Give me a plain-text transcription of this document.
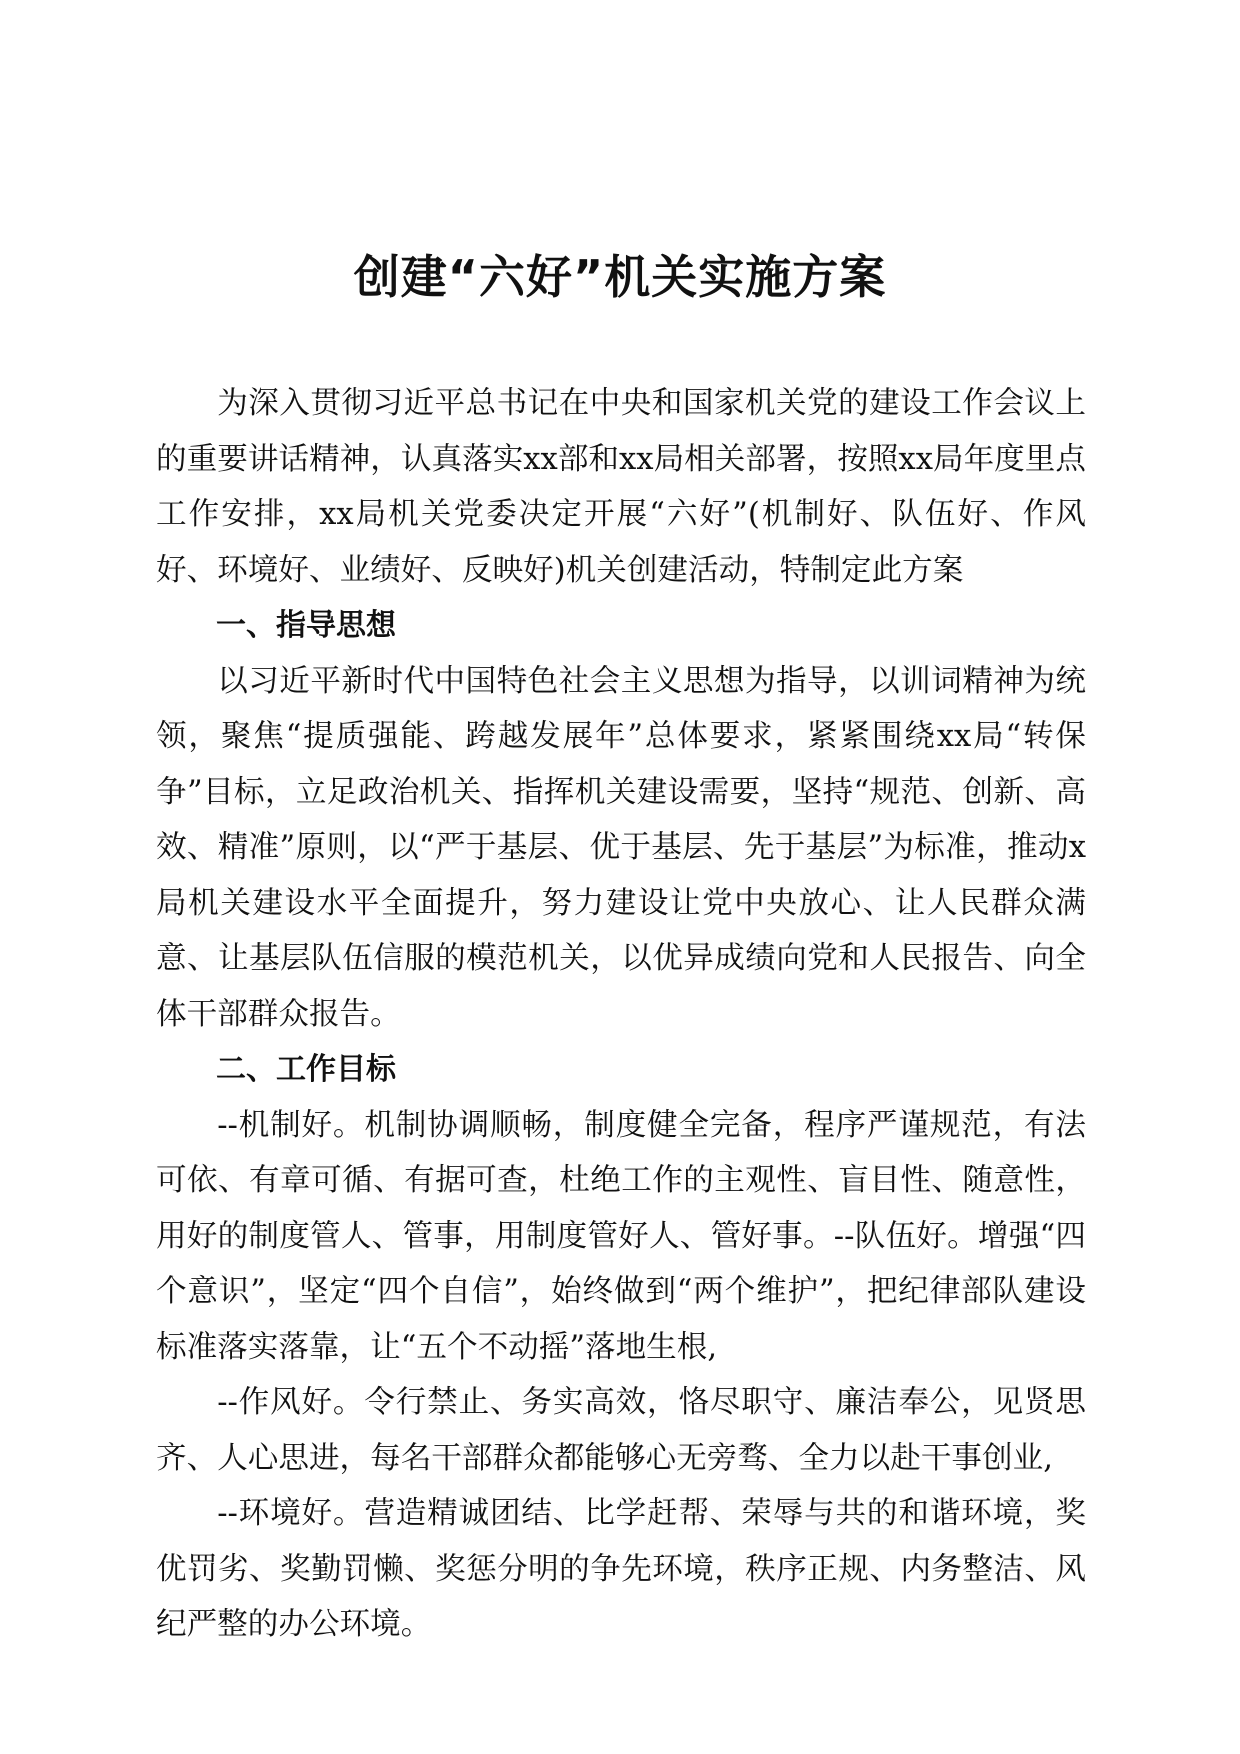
创建“六好”机关实施方案

为深入贯彻习近平总书记在中央和国家机关党的建设工作会议上的重要讲话精神，认真落实xx部和xx局相关部署，按照xx局年度里点工作安排，xx局机关党委决定开展“六好”(机制好、队伍好、作风好、环境好、业绩好、反映好)机关创建活动，特制定此方案

一、指导思想

以习近平新时代中国特色社会主义思想为指导，以训词精神为统领，聚焦“提质强能、跨越发展年”总体要求，紧紧围绕xx局“转保争”目标，立足政治机关、指挥机关建设需要，坚持“规范、创新、高效、精准”原则，以“严于基层、优于基层、先于基层”为标准，推动x局机关建设水平全面提升，努力建设让党中央放心、让人民群众满意、让基层队伍信服的模范机关，以优异成绩向党和人民报告、向全体干部群众报告。

二、工作目标

--机制好。机制协调顺畅，制度健全完备，程序严谨规范，有法可依、有章可循、有据可查，杜绝工作的主观性、盲目性、随意性，用好的制度管人、管事，用制度管好人、管好事。--队伍好。增强“四个意识”，坚定“四个自信”，始终做到“两个维护”，把纪律部队建设标准落实落靠，让“五个不动摇”落地生根,

--作风好。令行禁止、务实高效，恪尽职守、廉洁奉公，见贤思齐、人心思进，每名干部群众都能够心无旁骛、全力以赴干事创业,

--环境好。营造精诚团结、比学赶帮、荣辱与共的和谐环境，奖优罚劣、奖勤罚懒、奖惩分明的争先环境，秩序正规、内务整洁、风纪严整的办公环境。
